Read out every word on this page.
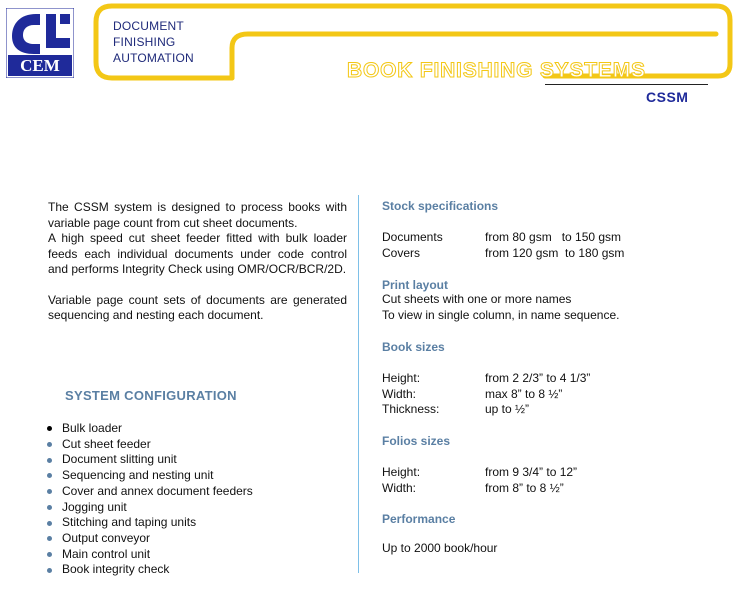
CEM
DOCUMENT
FINISHING
AUTOMATION
BOOK FINISHING SYSTEMS
CSSM

The CSSM system is designed to process books with variable page count from cut sheet documents.

A high speed cut sheet feeder fitted with bulk loader feeds each individual documents under code control and performs Integrity Check using OMR/OCR/BCR/2D.

Variable page count sets of documents are generated sequencing and nesting each document.

SYSTEM CONFIGURATION
Bulk loader
Cut sheet feeder
Document slitting unit
Sequencing and nesting unit
Cover and annex document feeders
Jogging unit
Stitching and taping units
Output conveyor
Main control unit
Book integrity check
Stock specifications
Documents	from 80 gsm   to 150 gsm
Covers	from 120 gsm  to 180 gsm
Print layout
Cut sheets with one or more names
To view in single column, in name sequence.
Book sizes
Height:	from 2 2/3” to 4 1/3”
Width:	max 8” to 8 ½”
Thickness:	up to ½”
Folios sizes
Height:	from 9 3/4” to 12”
Width:	from 8” to 8 ½”
Performance
Up to 2000 book/hour
